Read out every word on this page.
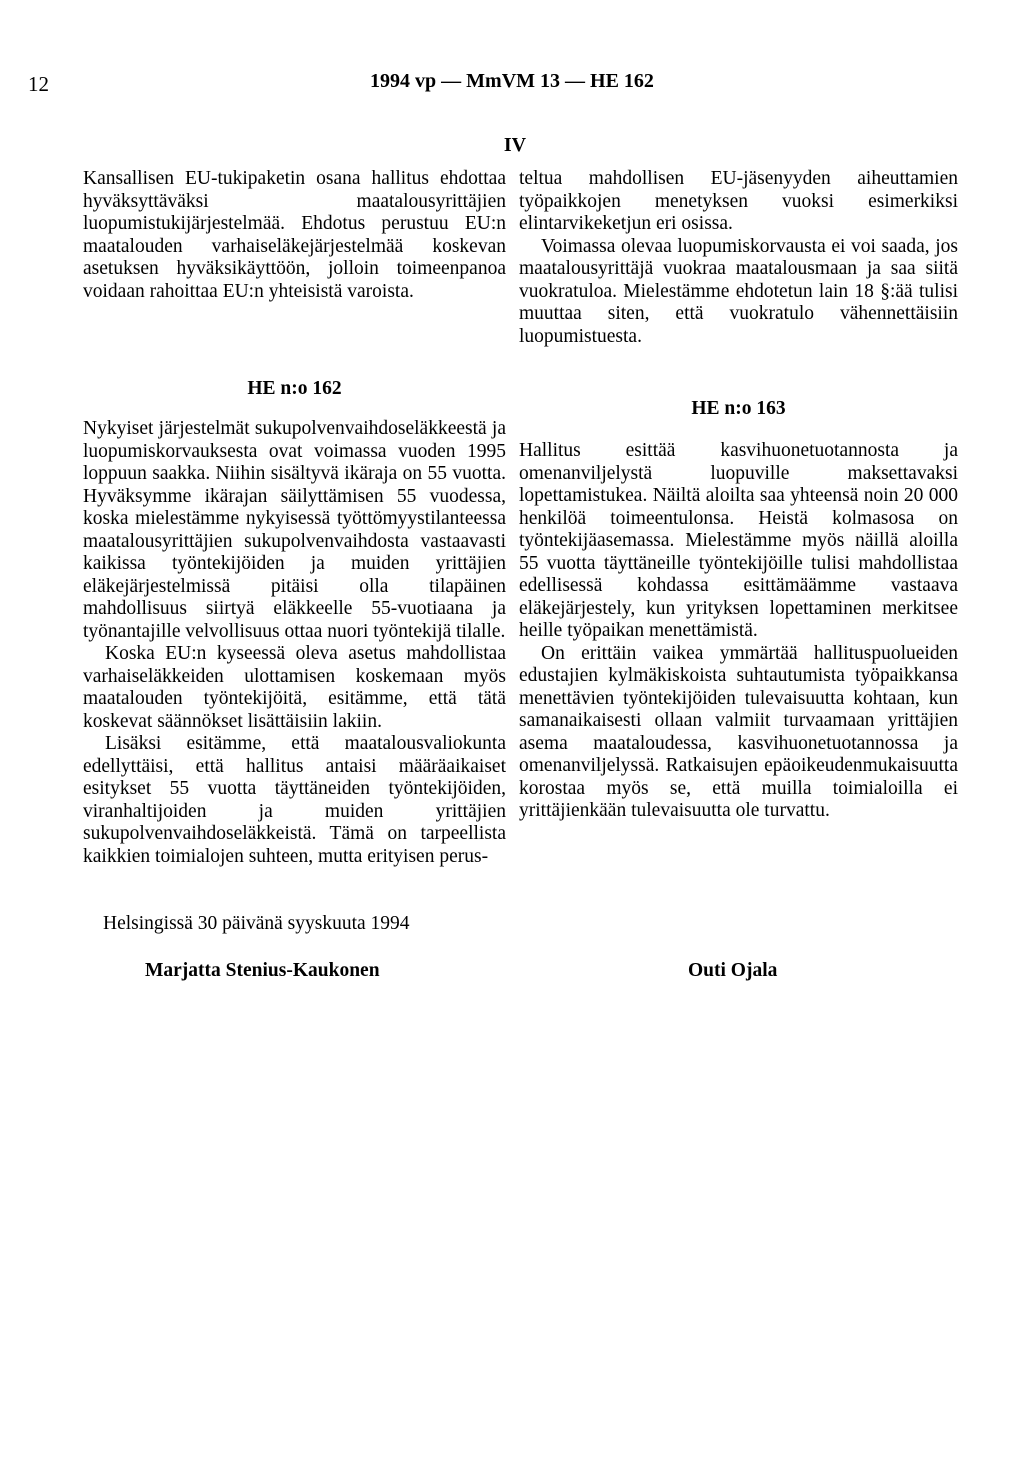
12	1994 vp — MmVM 13 — HE 162
IV

Kansallisen EU-tukipaketin osana hallitus ehdottaa hyväksyttäväksi maatalousyrittäjien luopumistukijärjestelmää. Ehdotus perustuu EU:n maatalouden varhaiseläkejärjestelmää koskevan asetuksen hyväksikäyttöön, jolloin toimeenpanoa voidaan rahoittaa EU:n yhteisistä varoista.

HE n:o 162

Nykyiset järjestelmät sukupolvenvaihdoseläkkeestä ja luopumiskorvauksesta ovat voimassa vuoden 1995 loppuun saakka. Niihin sisältyvä ikäraja on 55 vuotta. Hyväksymme ikärajan säilyttämisen 55 vuodessa, koska mielestämme nykyisessä työttömyystilanteessa maatalousyrittäjien sukupolvenvaihdosta vastaavasti kaikissa työntekijöiden ja muiden yrittäjien eläkejärjestelmissä pitäisi olla tilapäinen mahdollisuus siirtyä eläkkeelle 55-vuotiaana ja työnantajille velvollisuus ottaa nuori työntekijä tilalle.

Koska EU:n kyseessä oleva asetus mahdollistaa varhaiseläkkeiden ulottamisen koskemaan myös maatalouden työntekijöitä, esitämme, että tätä koskevat säännökset lisättäisiin lakiin.

Lisäksi esitämme, että maatalousvaliokunta edellyttäisi, että hallitus antaisi määräaikaiset esitykset 55 vuotta täyttäneiden työntekijöiden, viranhaltijoiden ja muiden yrittäjien sukupolvenvaihdoseläkkeistä. Tämä on tarpeellista kaikkien toimialojen suhteen, mutta erityisen perus-

teltua mahdollisen EU-jäsenyyden aiheuttamien työpaikkojen menetyksen vuoksi esimerkiksi elintarvikeketjun eri osissa.

Voimassa olevaa luopumiskorvausta ei voi saada, jos maatalousyrittäjä vuokraa maatalousmaan ja saa siitä vuokratuloa. Mielestämme ehdotetun lain 18 §:ää tulisi muuttaa siten, että vuokratulo vähennettäisiin luopumistuesta.

HE n:o 163

Hallitus esittää kasvihuonetuotannosta ja omenanviljelystä luopuville maksettavaksi lopettamistukea. Näiltä aloilta saa yhteensä noin 20 000 henkilöä toimeentulonsa. Heistä kolmasosa on työntekijäasemassa. Mielestämme myös näillä aloilla 55 vuotta täyttäneille työntekijöille tulisi mahdollistaa edellisessä kohdassa esittämäämme vastaava eläkejärjestely, kun yrityksen lopettaminen merkitsee heille työpaikan menettämistä.

On erittäin vaikea ymmärtää hallituspuolueiden edustajien kylmäkiskoista suhtautumista työpaikkansa menettävien työntekijöiden tulevaisuutta kohtaan, kun samanaikaisesti ollaan valmiit turvaamaan yrittäjien asema maataloudessa, kasvihuonetuotannossa ja omenanviljelyssä. Ratkaisujen epäoikeudenmukaisuutta korostaa myös se, että muilla toimialoilla ei yrittäjienkään tulevaisuutta ole turvattu.

Helsingissä 30 päivänä syyskuuta 1994
Marjatta Stenius-Kaukonen	Outi Ojala
